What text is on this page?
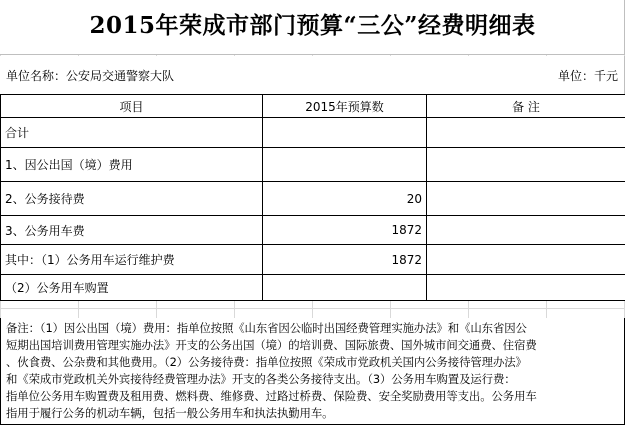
2015年荣成市部门预算“三公”经费明细表
单位名称：公安局交通警察大队	单位：千元
项目	2015年预算数	备 注
合计		
1、因公出国（境）费用		
2、公务接待费	20	
3、公务用车费	1872	
其中：（1）公务用车运行维护费	1872	
（2）公务用车购置		
备注：（1）因公出国（境）费用：指单位按照《山东省因公临时出国经费管理实施办法》和《山东省因公
短期出国培训费用管理实施办法》开支的公务出国（境）的培训费、国际旅费、国外城市间交通费、住宿费
、伙食费、公杂费和其他费用。（2）公务接待费：指单位按照《荣成市党政机关国内公务接待管理办法》
和《荣成市党政机关外宾接待经费管理办法》开支的各类公务接待支出。（3）公务用车购置及运行费：
指单位公务用车购置费及租用费、燃料费、维修费、过路过桥费、保险费、安全奖励费用等支出。公务用车
指用于履行公务的机动车辆，包括一般公务用车和执法执勤用车。
